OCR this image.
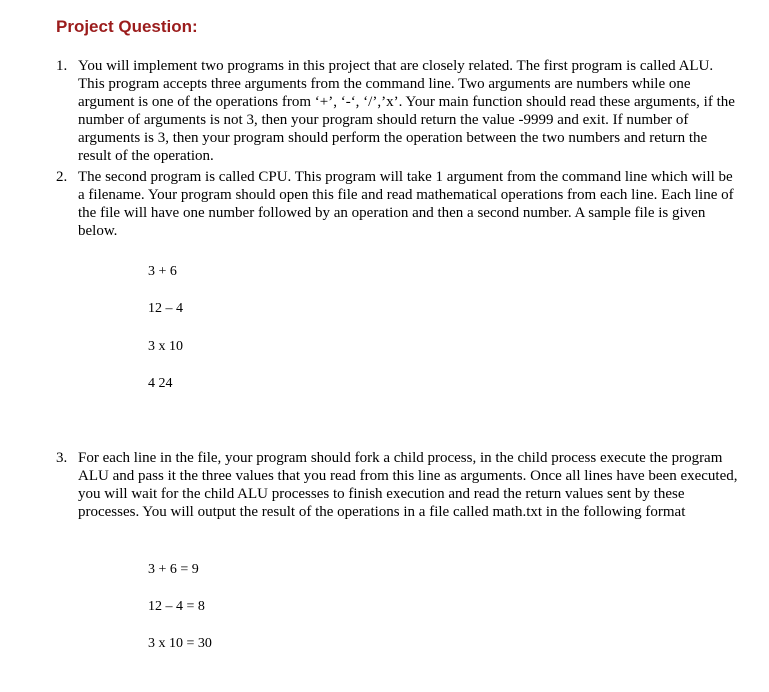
Project Question:
1. You will implement two programs in this project that are closely related. The first program is called ALU. This program accepts three arguments from the command line. Two arguments are numbers while one argument is one of the operations from ‘+’, ‘-‘, ‘/’,’x’. Your main function should read these arguments, if the number of arguments is not 3, then your program should return the value -9999 and exit. If number of arguments is 3, then your program should perform the operation between the two numbers and return the result of the operation.
2. The second program is called CPU. This program will take 1 argument from the command line which will be a filename. Your program should open this file and read mathematical operations from each line. Each line of the file will have one number followed by an operation and then a second number. A sample file is given below.
3 + 6
12 – 4
3 x 10
4 24
3. For each line in the file, your program should fork a child process, in the child process execute the program ALU and pass it the three values that you read from this line as arguments. Once all lines have been executed, you will wait for the child ALU processes to finish execution and read the return values sent by these processes. You will output the result of the operations in a file called math.txt in the following format
3 + 6 = 9
12 – 4 = 8
3 x 10 = 30
